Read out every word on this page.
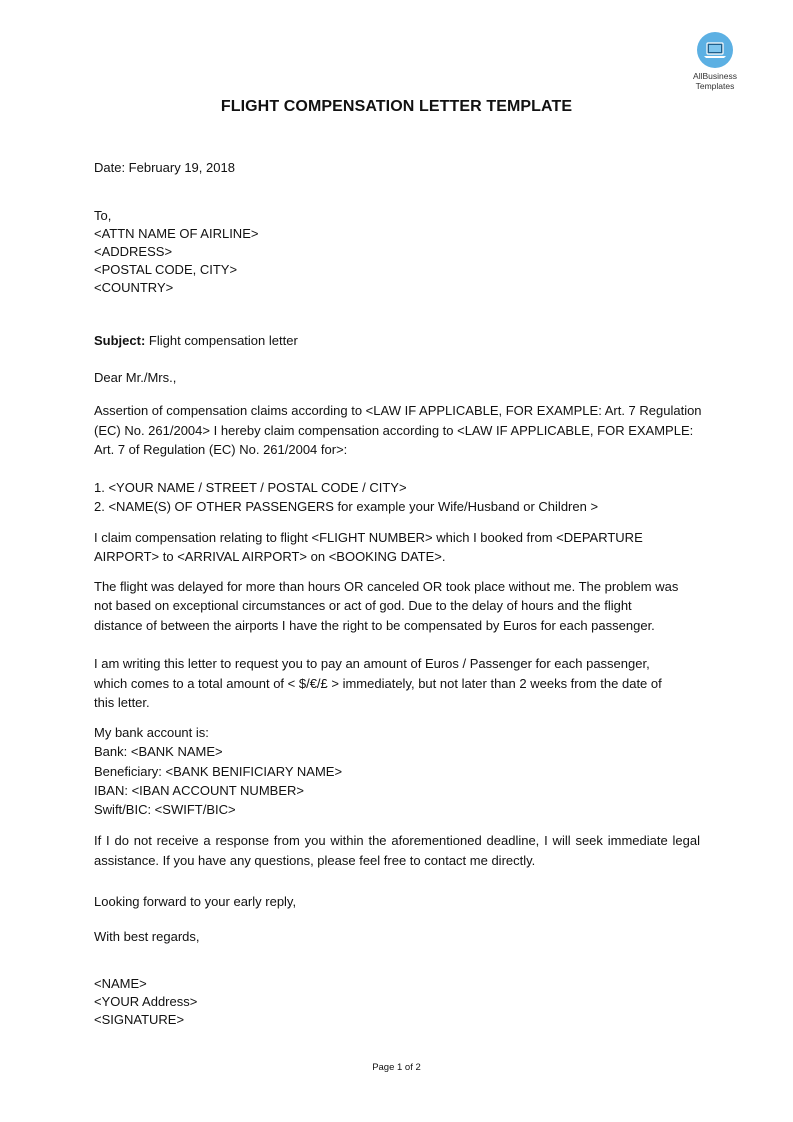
AllBusiness
Templates
FLIGHT COMPENSATION LETTER TEMPLATE
Date: February 19, 2018
To,
<ATTN NAME OF AIRLINE>
<ADDRESS>
<POSTAL CODE, CITY>
<COUNTRY>
Subject: Flight compensation letter
Dear Mr./Mrs.,
Assertion of compensation claims according to <LAW IF APPLICABLE, FOR EXAMPLE: Art. 7 Regulation
(EC) No. 261/2004> I hereby claim compensation according to <LAW IF APPLICABLE, FOR EXAMPLE:
Art. 7 of Regulation (EC) No. 261/2004 for>:
1. <YOUR NAME / STREET / POSTAL CODE / CITY>
2. <NAME(S) OF OTHER PASSENGERS for example your Wife/Husband or Children >
I claim compensation relating to flight <FLIGHT NUMBER> which I booked from <DEPARTURE
AIRPORT> to <ARRIVAL AIRPORT> on <BOOKING DATE>.
The flight was delayed for more than hours OR canceled OR took place without me. The problem was
not based on exceptional circumstances or act of god. Due to the delay of hours and the flight
distance of between the airports I have the right to be compensated by Euros for each passenger.
I am writing this letter to request you to pay an amount of Euros / Passenger for each passenger,
which comes to a total amount of < $/€/£ > immediately, but not later than 2 weeks from the date of
this letter.
My bank account is:
Bank: <BANK NAME>
Beneficiary: <BANK BENIFICIARY NAME>
IBAN: <IBAN ACCOUNT NUMBER>
Swift/BIC: <SWIFT/BIC>
If I do not receive a response from you within the aforementioned deadline, I will seek immediate legal assistance. If you have any questions, please feel free to contact me directly.
Looking forward to your early reply,
With best regards,
<NAME>
<YOUR Address>
<SIGNATURE>
Page 1 of 2
